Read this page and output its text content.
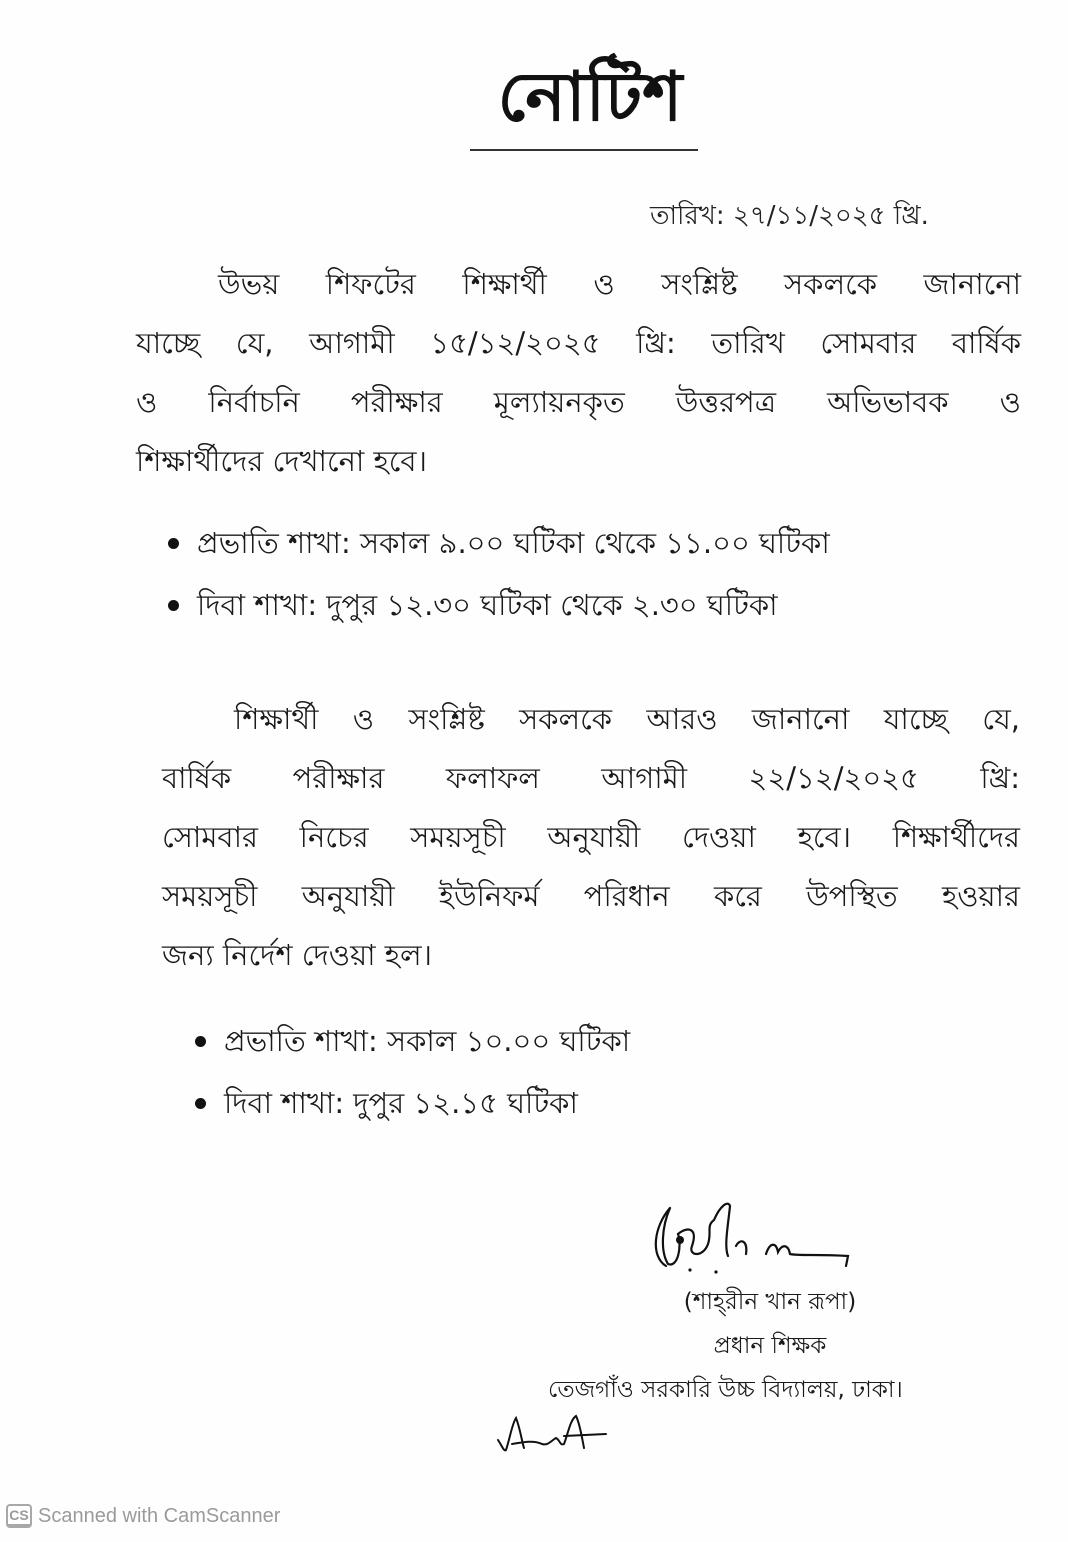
নোটিশ
তারিখ: ২৭/১১/২০২৫ খ্রি.
উভয় শিফটের শিক্ষার্থী ও সংশ্লিষ্ট সকলকে জানানো
যাচ্ছে যে, আগামী ১৫/১২/২০২৫ খ্রি: তারিখ সোমবার বার্ষিক
ও নির্বাচনি পরীক্ষার মূল্যায়নকৃত উত্তরপত্র অভিভাবক ও
শিক্ষার্থীদের দেখানো হবে।
প্রভাতি শাখা: সকাল ৯.০০ ঘটিকা থেকে ১১.০০ ঘটিকা
দিবা শাখা: দুপুর ১২.৩০ ঘটিকা থেকে ২.৩০ ঘটিকা
শিক্ষার্থী ও সংশ্লিষ্ট সকলকে আরও জানানো যাচ্ছে যে,
বার্ষিক পরীক্ষার ফলাফল আগামী ২২/১২/২০২৫ খ্রি:
সোমবার নিচের সময়সূচী অনুযায়ী দেওয়া হবে। শিক্ষার্থীদের
সময়সূচী অনুযায়ী ইউনিফর্ম পরিধান করে উপস্থিত হওয়ার
জন্য নির্দেশ দেওয়া হল।
প্রভাতি শাখা: সকাল ১০.০০ ঘটিকা
দিবা শাখা: দুপুর ১২.১৫ ঘটিকা
(শাহ্‌রীন খান রূপা)
প্রধান শিক্ষক
তেজগাঁও সরকারি উচ্চ বিদ্যালয়, ঢাকা।
CS Scanned with CamScanner
